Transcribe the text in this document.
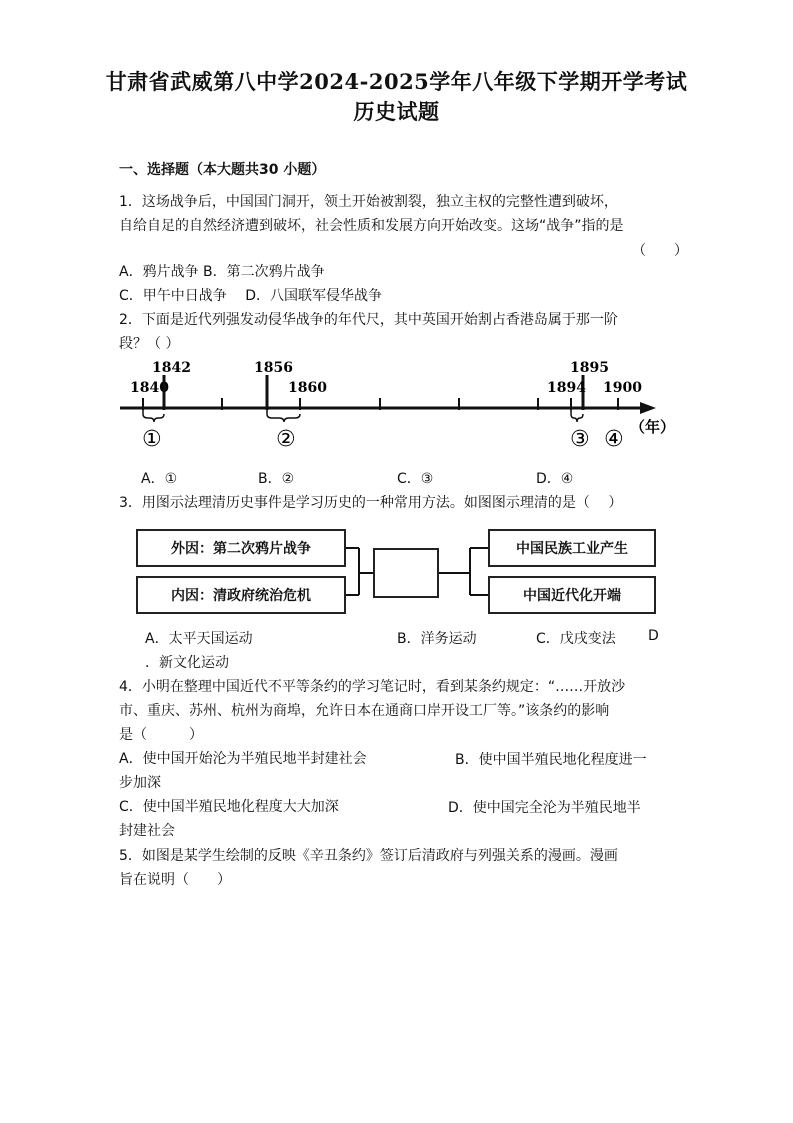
甘肃省武威第八中学2024-2025学年八年级下学期开学考试
历史试题
一、选择题（本大题共30 小题）
1．这场战争后，中国国门洞开，领土开始被割裂，独立主权的完整性遭到破坏，
自给自足的自然经济遭到破坏，社会性质和发展方向开始改变。这场“战争”指的是
（　　）
A．鸦片战争 B．第二次鸦片战争
C．甲午中日战争 　D．八国联军侵华战争
2．下面是近代列强发动侵华战争的年代尺，其中英国开始割占香港岛属于那一阶
段？（ ）
1840
1842	1856
1860	1894
1895
1900
①	②	③ ④ （年）
A．①	B．②	C．③	D．④
3．用图示法理清历史事件是学习历史的一种常用方法。如图图示理清的是（　 ）
外因：第二次鸦片战争
内因：清政府统治危机
中国民族工业产生
中国近代化开端
A．太平天国运动	B．洋务运动	C．戊戌变法 D
．新文化运动
4．小明在整理中国近代不平等条约的学习笔记时，看到某条约规定：“……开放沙
市、重庆、苏州、杭州为商埠，允许日本在通商口岸开设工厂等。”该条约的影响
是（　　　）
A．使中国开始沦为半殖民地半封建社会	B．使中国半殖民地化程度进一
步加深
C．使中国半殖民地化程度大大加深	D．使中国完全沦为半殖民地半
封建社会
5．如图是某学生绘制的反映《辛丑条约》签订后清政府与列强关系的漫画。漫画
旨在说明（　　）
